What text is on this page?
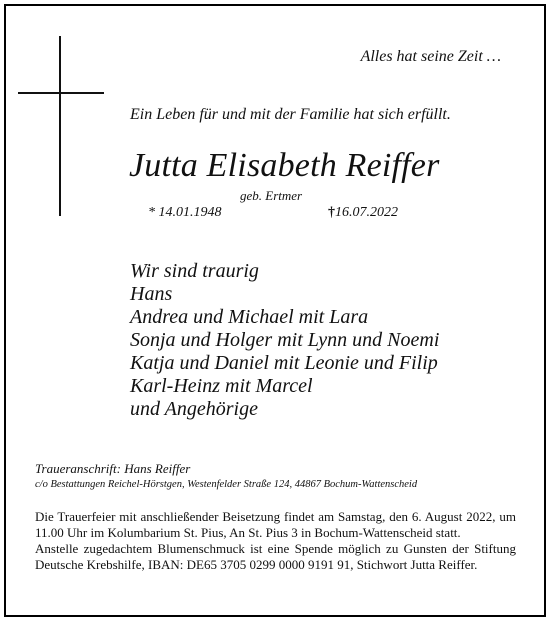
Alles hat seine Zeit …
Ein Leben für und mit der Familie hat sich erfüllt.
Jutta Elisabeth Reiffer
geb. Ertmer
* 14.01.1948	†16.07.2022
Wir sind traurig
Hans
Andrea und Michael mit Lara
Sonja und Holger mit Lynn und Noemi
Katja und Daniel mit Leonie und Filip
Karl-Heinz mit Marcel
und Angehörige
Traueranschrift: Hans Reiffer
c/o Bestattungen Reichel-Hörstgen, Westenfelder Straße 124, 44867 Bochum-Wattenscheid

Die Trauerfeier mit anschließender Beisetzung findet am Samstag, den 6. August 2022, um 11.00 Uhr im Kolumbarium St. Pius, An St. Pius 3 in Bochum-Wattenscheid statt.

Anstelle zugedachtem Blumenschmuck ist eine Spende möglich zu Gunsten der Stiftung Deutsche Krebshilfe, IBAN: DE65 3705 0299 0000 9191 91, Stichwort Jutta Reiffer.
